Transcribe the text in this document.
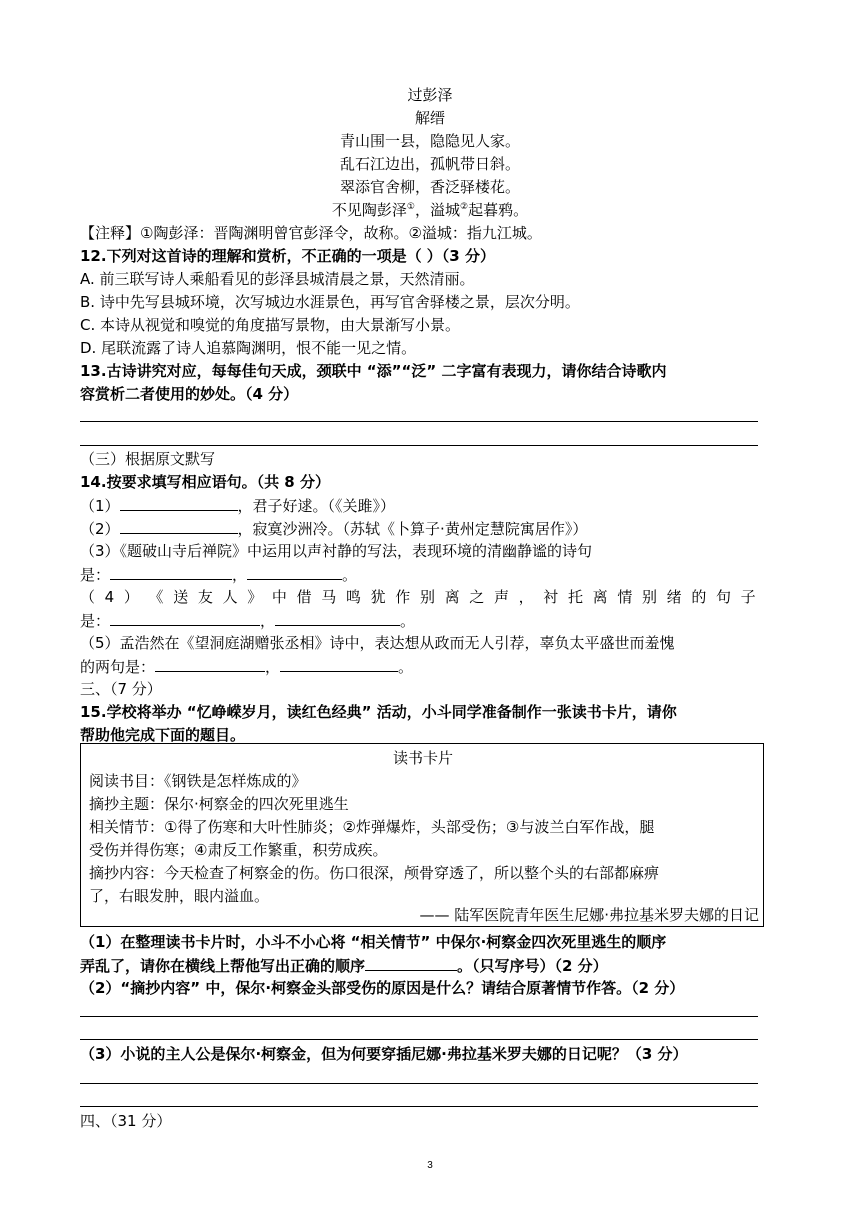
过彭泽
解缙
青山围一县，隐隐见人家。
乱石江边出，孤帆带日斜。
翠添官舍柳，香泛驿楼花。
不见陶彭泽①，溢城②起暮鸦。
【注释】①陶彭泽：晋陶渊明曾官彭泽令，故称。②溢城：指九江城。
12.下列对这首诗的理解和赏析，不正确的一项是（ ）（3 分）
A. 前三联写诗人乘船看见的彭泽县城清晨之景，天然清丽。
B. 诗中先写县城环境，次写城边水涯景色，再写官舍驿楼之景，层次分明。
C. 本诗从视觉和嗅觉的角度描写景物，由大景渐写小景。
D. 尾联流露了诗人追慕陶渊明，恨不能一见之情。
13.古诗讲究对应，每每佳句天成，颈联中 “添”“泛” 二字富有表现力，请你结合诗歌内
容赏析二者使用的妙处。（4 分）
（三）根据原文默写
14.按要求填写相应语句。（共 8 分）
（1）	，君子好逑。（《关雎》）
（2）	，寂寞沙洲冷。（苏轼《卜算子·黄州定慧院寓居作》）
（3）《题破山寺后禅院》中运用以声衬静的写法，表现环境的清幽静谧的诗句
是：	，	。
（ 4 ） 《 送 友 人 》 中 借 马 鸣 犹 作 别 离 之 声 ， 衬 托 离 情 别 绪 的 句 子
是：	，	。
（5）孟浩然在《望洞庭湖赠张丞相》诗中，表达想从政而无人引荐，辜负太平盛世而羞愧
的两句是：	，	。
三、（7 分）
15.学校将举办 “忆峥嵘岁月，读红色经典” 活动，小斗同学准备制作一张读书卡片，请你
帮助他完成下面的题目。
读书卡片
阅读书目：《钢铁是怎样炼成的》
摘抄主题：保尔·柯察金的四次死里逃生
相关情节：①得了伤寒和大叶性肺炎；②炸弹爆炸，头部受伤；③与波兰白军作战，腿
受伤并得伤寒；④肃反工作繁重，积劳成疾。
摘抄内容：今天检查了柯察金的伤。伤口很深，颅骨穿透了，所以整个头的右部都麻痹
了，右眼发肿，眼内溢血。
—— 陆军医院青年医生尼娜·弗拉基米罗夫娜的日记
（1）在整理读书卡片时，小斗不小心将 “相关情节” 中保尔·柯察金四次死里逃生的顺序
弄乱了，请你在横线上帮他写出正确的顺序	。（只写序号）（2 分）
（2）“摘抄内容” 中，保尔·柯察金头部受伤的原因是什么？请结合原著情节作答。（2 分）
（3）小说的主人公是保尔·柯察金，但为何要穿插尼娜·弗拉基米罗夫娜的日记呢？（3 分）
四、（31 分）
3
